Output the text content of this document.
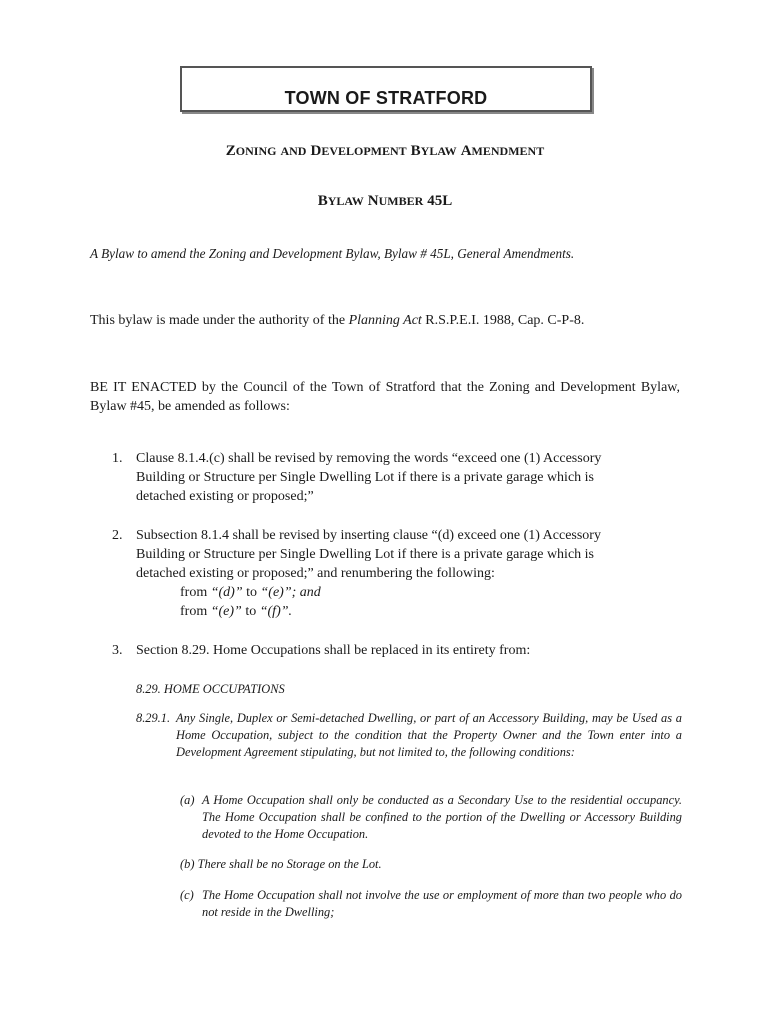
TOWN OF STRATFORD
ZONING AND DEVELOPMENT BYLAW AMENDMENT
BYLAW NUMBER 45L

A Bylaw to amend the Zoning and Development Bylaw, Bylaw # 45L, General Amendments.

This bylaw is made under the authority of the Planning Act R.S.P.E.I. 1988, Cap. C-P-8.

BE IT ENACTED by the Council of the Town of Stratford that the Zoning and Development Bylaw, Bylaw #45, be amended as follows:

1. Clause 8.1.4.(c) shall be revised by removing the words “exceed one (1) Accessory Building or Structure per Single Dwelling Lot if there is a private garage which is detached existing or proposed;”

2. Subsection 8.1.4 shall be revised by inserting clause “(d) exceed one (1) Accessory Building or Structure per Single Dwelling Lot if there is a private garage which is detached existing or proposed;” and renumbering the following:

from “(d)” to “(e)”; and

from “(e)” to “(f)”.

3. Section 8.29. Home Occupations shall be replaced in its entirety from:

8.29. HOME OCCUPATIONS

8.29.1. Any Single, Duplex or Semi-detached Dwelling, or part of an Accessory Building, may be Used as a Home Occupation, subject to the condition that the Property Owner and the Town enter into a Development Agreement stipulating, but not limited to, the following conditions:

(a) A Home Occupation shall only be conducted as a Secondary Use to the residential occupancy. The Home Occupation shall be confined to the portion of the Dwelling or Accessory Building devoted to the Home Occupation.

(b) There shall be no Storage on the Lot.
(c) The Home Occupation shall not involve the use or employment of more than two people who do not reside in the Dwelling;
